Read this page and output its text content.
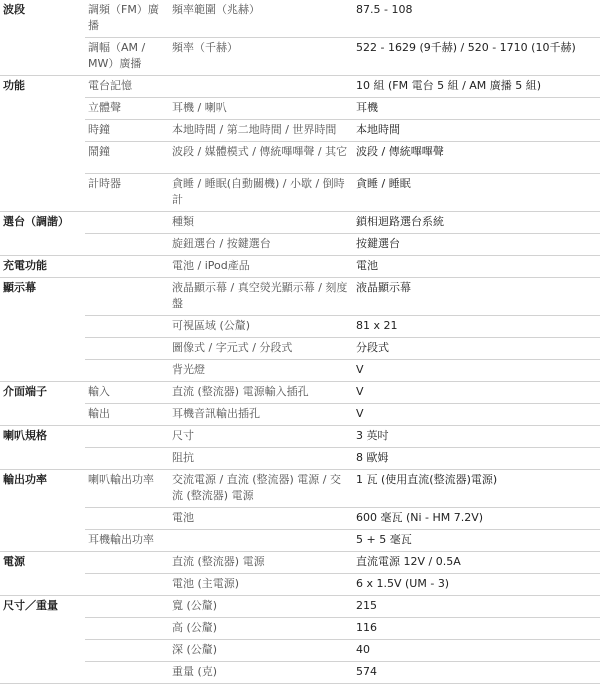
波段	調頻（FM）廣播	頻率範圍（兆赫）	87.5 - 108
	調幅（AM / MW）廣播	頻率（千赫）	522 - 1629 (9千赫) / 520 - 1710 (10千赫)
功能	電台記憶		10 組 (FM 電台 5 組 / AM 廣播 5 組)
	立體聲	耳機 / 喇叭	耳機
	時鐘	本地時間 / 第二地時間 / 世界時間	本地時間
	鬧鐘	波段 / 媒體模式 / 傳統嗶嗶聲 / 其它	波段 / 傳統嗶嗶聲
	計時器	貪睡 / 睡眠(自動關機) / 小歇 / 倒時計	貪睡 / 睡眠
選台（調諧）		種類	鎖相迴路選台系統
		旋鈕選台 / 按鍵選台	按鍵選台
充電功能		電池 / iPod產品	電池
顯示幕		液晶顯示幕 / 真空熒光顯示幕 / 刻度盤	液晶顯示幕
		可視區域 (公釐)	81 x 21
		圖像式 / 字元式 / 分段式	分段式
		背光燈	V
介面端子	輸入	直流 (整流器) 電源輸入插孔	V
	輸出	耳機音訊輸出插孔	V
喇叭規格		尺寸	3 英吋
		阻抗	8 歐姆
輸出功率	喇叭輸出功率	交流電源 / 直流 (整流器) 電源 / 交流 (整流器) 電源	1 瓦 (使用直流(整流器)電源)
		電池	600 毫瓦 (Ni - HM 7.2V)
	耳機輸出功率		5 + 5 毫瓦
電源		直流 (整流器) 電源	直流電源 12V / 0.5A
		電池 (主電源)	6 x 1.5V (UM - 3)
尺寸／重量		寬 (公釐)	215
		高 (公釐)	116
		深 (公釐)	40
		重量 (克)	574
